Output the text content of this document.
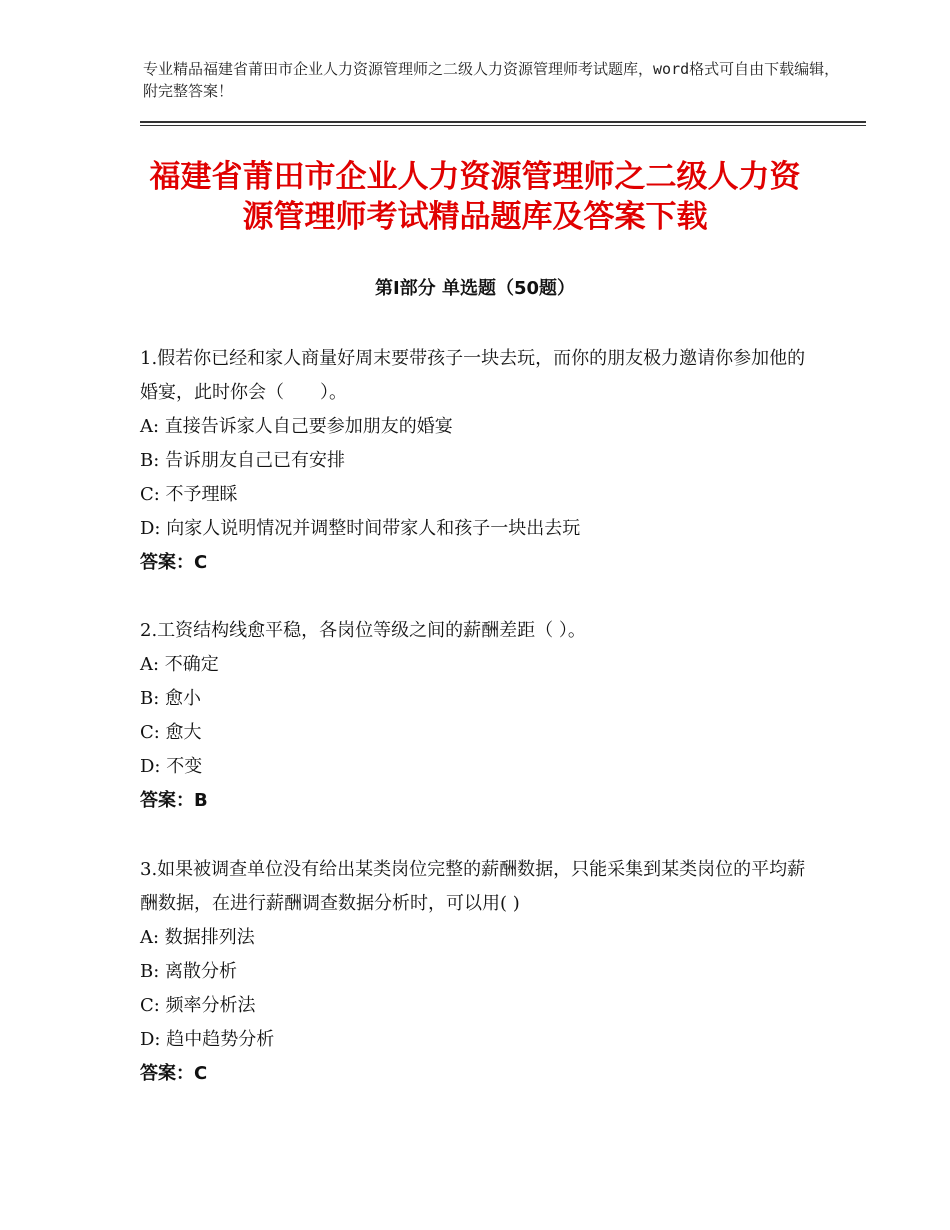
专业精品福建省莆田市企业人力资源管理师之二级人力资源管理师考试题库，word格式可自由下载编辑，附完整答案！
福建省莆田市企业人力资源管理师之二级人力资源管理师考试精品题库及答案下载
第Ⅰ部分 单选题（50题）

1.假若你已经和家人商量好周末要带孩子一块去玩，而你的朋友极力邀请你参加他的婚宴，此时你会（　　）。

A: 直接告诉家人自己要参加朋友的婚宴

B: 告诉朋友自己已有安排

C: 不予理睬

D: 向家人说明情况并调整时间带家人和孩子一块出去玩

答案：C

2.工资结构线愈平稳，各岗位等级之间的薪酬差距（ ）。

A: 不确定

B: 愈小

C: 愈大

D: 不变

答案：B

3.如果被调查单位没有给出某类岗位完整的薪酬数据，只能采集到某类岗位的平均薪酬数据，在进行薪酬调查数据分析时，可以用( )

A: 数据排列法

B: 离散分析

C: 频率分析法

D: 趋中趋势分析

答案：C
